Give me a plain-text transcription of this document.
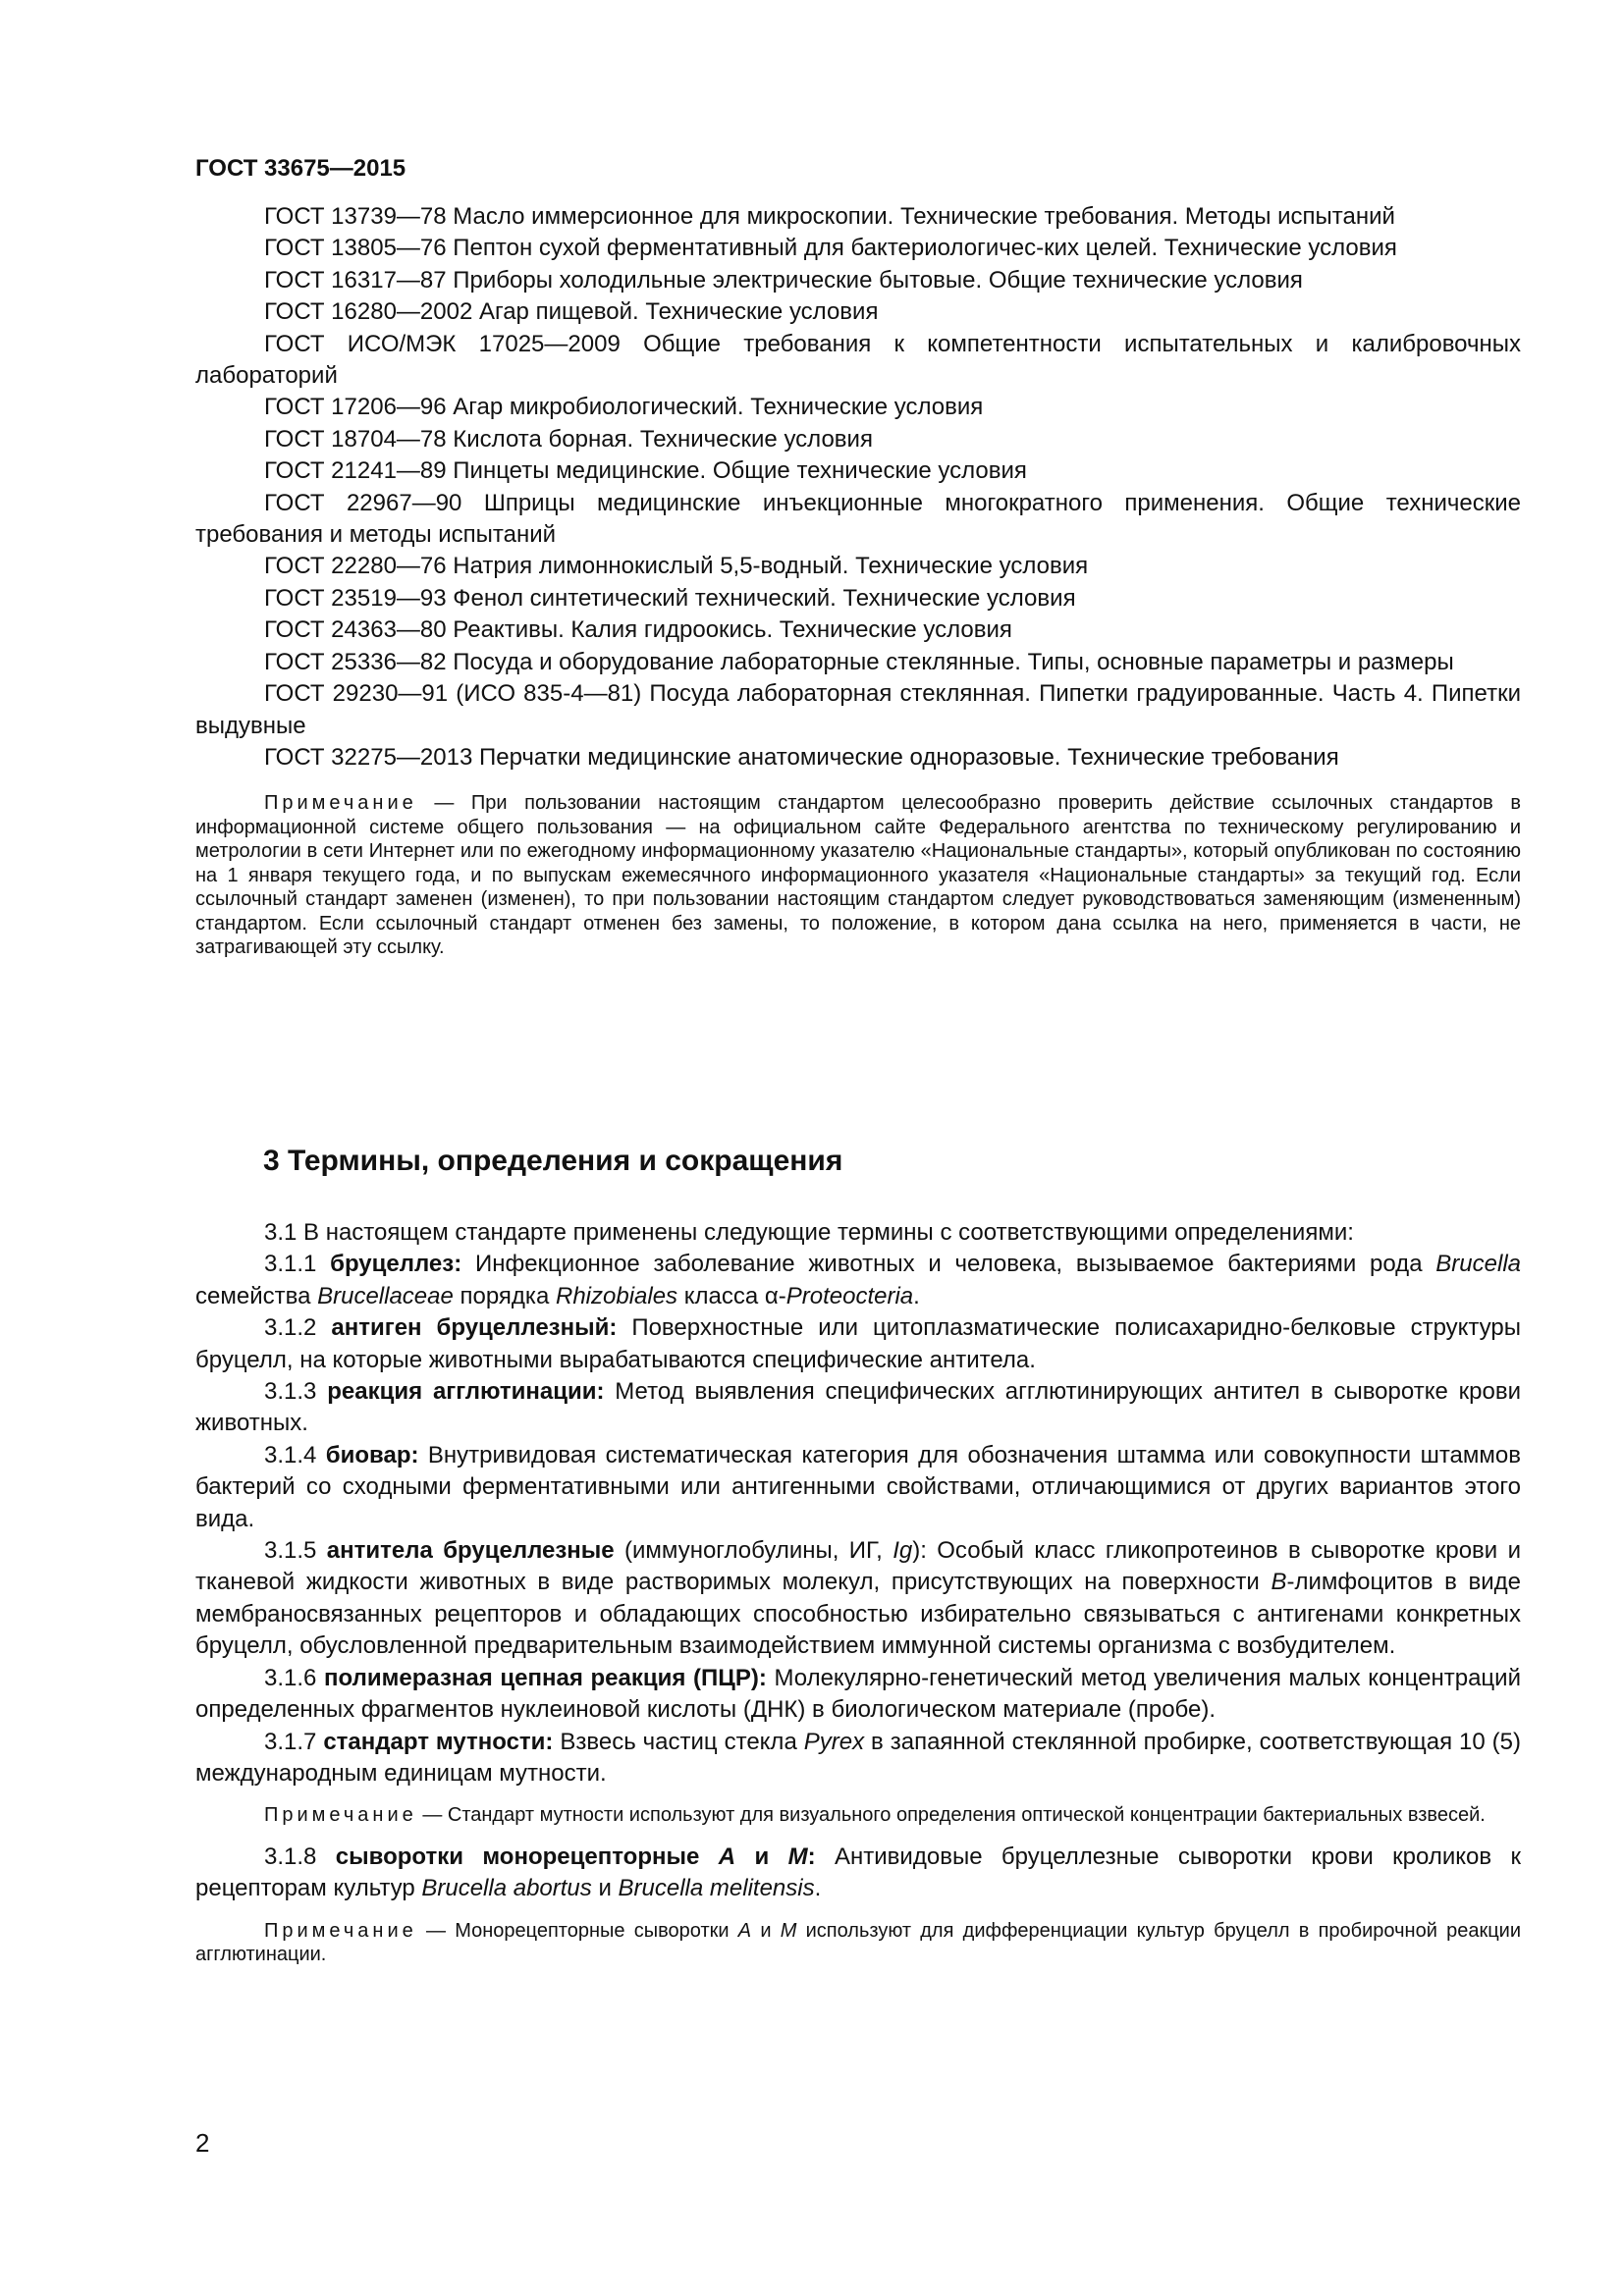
ГОСТ 33675—2015

ГОСТ 13739—78 Масло иммерсионное для микроскопии. Технические требования. Методы испытаний

ГОСТ 13805—76 Пептон сухой ферментативный для бактериологичес-ких целей. Технические условия

ГОСТ 16317—87 Приборы холодильные электрические бытовые. Общие технические условия

ГОСТ 16280—2002 Агар пищевой. Технические условия

ГОСТ ИСО/МЭК 17025—2009 Общие требования к компетентности испытательных и калибровочных лабораторий

ГОСТ 17206—96 Агар микробиологический. Технические условия

ГОСТ 18704—78 Кислота борная. Технические условия

ГОСТ 21241—89 Пинцеты медицинские. Общие технические условия

ГОСТ 22967—90 Шприцы медицинские инъекционные многократного применения. Общие технические требования и методы испытаний

ГОСТ 22280—76 Натрия лимоннокислый 5,5-водный. Технические условия

ГОСТ 23519—93 Фенол синтетический технический. Технические условия

ГОСТ 24363—80 Реактивы. Калия гидроокись. Технические условия

ГОСТ 25336—82 Посуда и оборудование лабораторные стеклянные. Типы, основные параметры и размеры

ГОСТ 29230—91 (ИСО 835-4—81) Посуда лабораторная стеклянная. Пипетки градуированные. Часть 4. Пипетки выдувные

ГОСТ 32275—2013 Перчатки медицинские анатомические одноразовые. Технические требования

Примечание — При пользовании настоящим стандартом целесообразно проверить действие ссылочных стандартов в информационной системе общего пользования — на официальном сайте Федерального агентства по техническому регулированию и метрологии в сети Интернет или по ежегодному информационному указателю «Национальные стандарты», который опубликован по состоянию на 1 января текущего года, и по выпускам ежемесячного информационного указателя «Национальные стандарты» за текущий год. Если ссылочный стандарт заменен (изменен), то при пользовании настоящим стандартом следует руководствоваться заменяющим (измененным) стандартом. Если ссылочный стандарт отменен без замены, то положение, в котором дана ссылка на него, применяется в части, не затрагивающей эту ссылку.

3 Термины, определения и сокращения

3.1 В настоящем стандарте применены следующие термины с соответствующими определениями:

3.1.1 бруцеллез: Инфекционное заболевание животных и человека, вызываемое бактериями рода Brucella семейства Brucellaceae порядка Rhizobiales класса α-Proteocteria.

3.1.2 антиген бруцеллезный: Поверхностные или цитоплазматические полисахаридно-белковые структуры бруцелл, на которые животными вырабатываются специфические антитела.

3.1.3 реакция агглютинации: Метод выявления специфических агглютинирующих антител в сыворотке крови животных.

3.1.4 биовар: Внутривидовая систематическая категория для обозначения штамма или совокупности штаммов бактерий со сходными ферментативными или антигенными свойствами, отличающимися от других вариантов этого вида.

3.1.5 антитела бруцеллезные (иммуноглобулины, ИГ, Ig): Особый класс гликопротеинов в сыворотке крови и тканевой жидкости животных в виде растворимых молекул, присутствующих на поверхности В-лимфоцитов в виде мембраносвязанных рецепторов и обладающих способностью избирательно связываться с антигенами конкретных бруцелл, обусловленной предварительным взаимодействием иммунной системы организма с возбудителем.

3.1.6 полимеразная цепная реакция (ПЦР): Молекулярно-генетический метод увеличения малых концентраций определенных фрагментов нуклеиновой кислоты (ДНК) в биологическом материале (пробе).

3.1.7 стандарт мутности: Взвесь частиц стекла Pyrex в запаянной стеклянной пробирке, соответствующая 10 (5) международным единицам мутности.

Примечание — Стандарт мутности используют для визуального определения оптической концентрации бактериальных взвесей.

3.1.8 сыворотки монорецепторные А и М: Антивидовые бруцеллезные сыворотки крови кроликов к рецепторам культур Brucella abortus и Brucella melitensis.

Примечание — Монорецепторные сыворотки А и М используют для дифференциации культур бруцелл в пробирочной реакции агглютинации.

2
